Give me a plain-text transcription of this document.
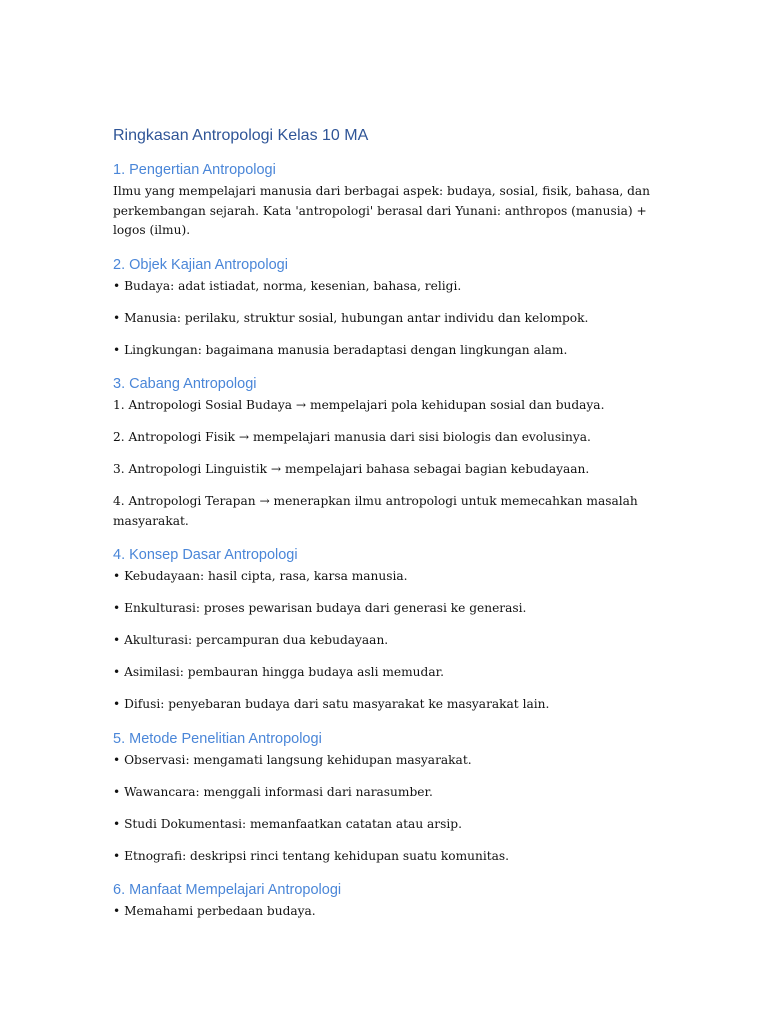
Ringkasan Antropologi Kelas 10 MA
1. Pengertian Antropologi

Ilmu yang mempelajari manusia dari berbagai aspek: budaya, sosial, fisik, bahasa, dan perkembangan sejarah. Kata 'antropologi' berasal dari Yunani: anthropos (manusia) + logos (ilmu).

2. Objek Kajian Antropologi

• Budaya: adat istiadat, norma, kesenian, bahasa, religi.

• Manusia: perilaku, struktur sosial, hubungan antar individu dan kelompok.

• Lingkungan: bagaimana manusia beradaptasi dengan lingkungan alam.

3. Cabang Antropologi

1. Antropologi Sosial Budaya → mempelajari pola kehidupan sosial dan budaya.

2. Antropologi Fisik → mempelajari manusia dari sisi biologis dan evolusinya.

3. Antropologi Linguistik → mempelajari bahasa sebagai bagian kebudayaan.

4. Antropologi Terapan → menerapkan ilmu antropologi untuk memecahkan masalah masyarakat.

4. Konsep Dasar Antropologi

• Kebudayaan: hasil cipta, rasa, karsa manusia.

• Enkulturasi: proses pewarisan budaya dari generasi ke generasi.

• Akulturasi: percampuran dua kebudayaan.

• Asimilasi: pembauran hingga budaya asli memudar.

• Difusi: penyebaran budaya dari satu masyarakat ke masyarakat lain.

5. Metode Penelitian Antropologi

• Observasi: mengamati langsung kehidupan masyarakat.

• Wawancara: menggali informasi dari narasumber.

• Studi Dokumentasi: memanfaatkan catatan atau arsip.

• Etnografi: deskripsi rinci tentang kehidupan suatu komunitas.

6. Manfaat Mempelajari Antropologi

• Memahami perbedaan budaya.
